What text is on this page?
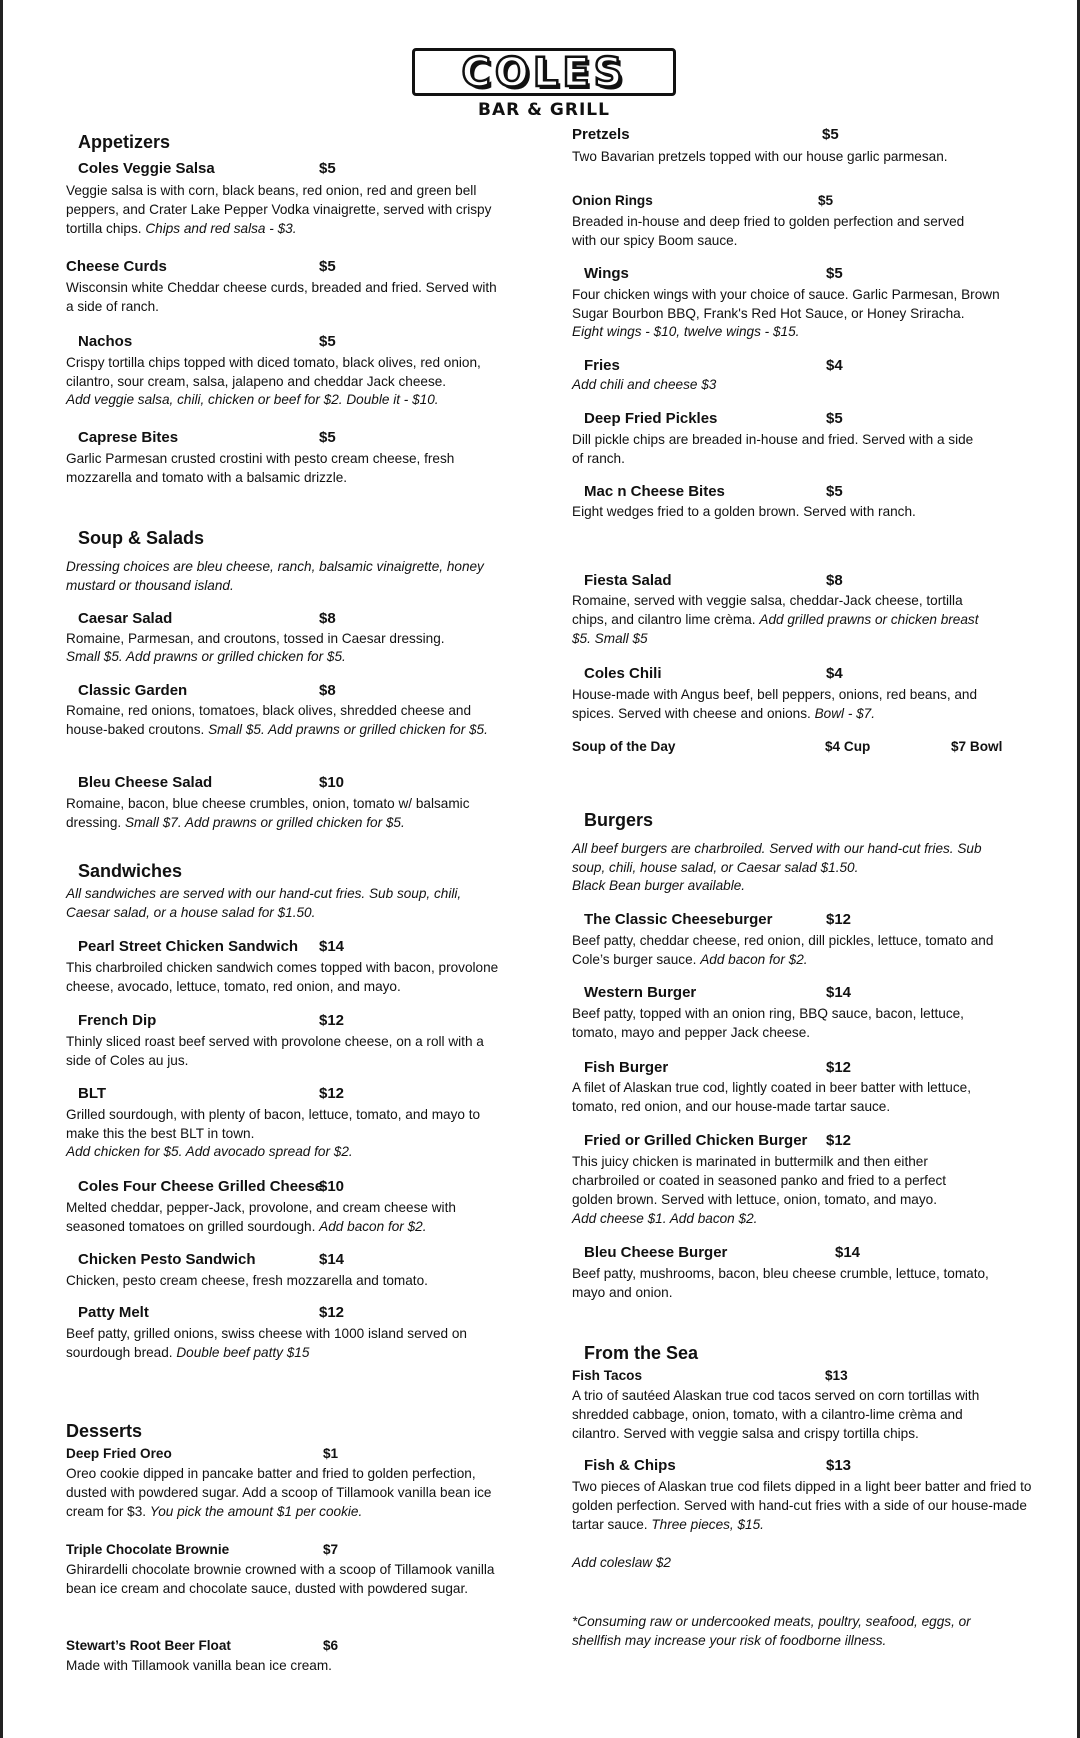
COLES
BAR & GRILL
Appetizers
Coles Veggie Salsa	$5
Veggie salsa is with corn, black beans, red onion, red and green bell peppers, and Crater Lake Pepper Vodka vinaigrette, served with crispy tortilla chips. Chips and red salsa - $3.
Cheese Curds	$5
Wisconsin white Cheddar cheese curds, breaded and fried. Served with a side of ranch.
Nachos	$5
Crispy tortilla chips topped with diced tomato, black olives, red onion, cilantro, sour cream, salsa, jalapeno and cheddar Jack cheese.
Add veggie salsa, chili, chicken or beef for $2. Double it - $10.
Caprese Bites	$5
Garlic Parmesan crusted crostini with pesto cream cheese, fresh mozzarella and tomato with a balsamic drizzle.
Soup & Salads
Dressing choices are bleu cheese, ranch, balsamic vinaigrette, honey mustard or thousand island.
Caesar Salad	$8
Romaine, Parmesan, and croutons, tossed in Caesar dressing.
Small $5. Add prawns or grilled chicken for $5.
Classic Garden	$8
Romaine, red onions, tomatoes, black olives, shredded cheese and house-baked croutons. Small $5. Add prawns or grilled chicken for $5.
Bleu Cheese Salad	$10
Romaine, bacon, blue cheese crumbles, onion, tomato w/ balsamic dressing. Small $7. Add prawns or grilled chicken for $5.
Sandwiches
All sandwiches are served with our hand-cut fries. Sub soup, chili, Caesar salad, or a house salad for $1.50.
Pearl Street Chicken Sandwich $14
This charbroiled chicken sandwich comes topped with bacon, provolone cheese, avocado, lettuce, tomato, red onion, and mayo.
French Dip	$12
Thinly sliced roast beef served with provolone cheese, on a roll with a side of Coles au jus.
BLT	$12
Grilled sourdough, with plenty of bacon, lettuce, tomato, and mayo to make this the best BLT in town.
Add chicken for $5. Add avocado spread for $2.
Coles Four Cheese Grilled Cheese
$10
Melted cheddar, pepper-Jack, provolone, and cream cheese with seasoned tomatoes on grilled sourdough. Add bacon for $2.
Chicken Pesto Sandwich	$14
Chicken, pesto cream cheese, fresh mozzarella and tomato.
Patty Melt	$12
Beef patty, grilled onions, swiss cheese with 1000 island served on sourdough bread. Double beef patty $15
Desserts
Deep Fried Oreo	$1
Oreo cookie dipped in pancake batter and fried to golden perfection, dusted with powdered sugar. Add a scoop of Tillamook vanilla bean ice cream for $3. You pick the amount $1 per cookie.
Triple Chocolate Brownie	$7
Ghirardelli chocolate brownie crowned with a scoop of Tillamook vanilla bean ice cream and chocolate sauce, dusted with powdered sugar.
Stewart’s Root Beer Float	$6
Made with Tillamook vanilla bean ice cream.
Pretzels	$5
Two Bavarian pretzels topped with our house garlic parmesan.
Onion Rings	$5
Breaded in-house and deep fried to golden perfection and served with our spicy Boom sauce.
Wings	$5
Four chicken wings with your choice of sauce. Garlic Parmesan, Brown Sugar Bourbon BBQ, Frank's Red Hot Sauce, or Honey Sriracha.
Eight wings - $10, twelve wings - $15.
Fries	$4
Add chili and cheese $3
Deep Fried Pickles	$5
Dill pickle chips are breaded in-house and fried. Served with a side of ranch.
Mac n Cheese Bites	$5
Eight wedges fried to a golden brown. Served with ranch.
Fiesta Salad	$8
Romaine, served with veggie salsa, cheddar-Jack cheese, tortilla chips, and cilantro lime crèma. Add grilled prawns or chicken breast $5. Small $5
Coles Chili	$4
House-made with Angus beef, bell peppers, onions, red beans, and spices. Served with cheese and onions. Bowl - $7.
Soup of the Day	$4 Cup	$7 Bowl
Burgers
All beef burgers are charbroiled. Served with our hand-cut fries. Sub soup, chili, house salad, or Caesar salad $1.50.
Black Bean burger available.
The Classic Cheeseburger	$12
Beef patty, cheddar cheese, red onion, dill pickles, lettuce, tomato and Cole’s burger sauce. Add bacon for $2.
Western Burger	$14
Beef patty, topped with an onion ring, BBQ sauce, bacon, lettuce, tomato, mayo and pepper Jack cheese.
Fish Burger	$12
A filet of Alaskan true cod, lightly coated in beer batter with lettuce, tomato, red onion, and our house-made tartar sauce.
Fried or Grilled Chicken Burger $12
This juicy chicken is marinated in buttermilk and then either charbroiled or coated in seasoned panko and fried to a perfect golden brown. Served with lettuce, onion, tomato, and mayo.
Add cheese $1. Add bacon $2.
Bleu Cheese Burger	$14
Beef patty, mushrooms, bacon, bleu cheese crumble, lettuce, tomato, mayo and onion.
From the Sea
Fish Tacos	$13
A trio of sautéed Alaskan true cod tacos served on corn tortillas with shredded cabbage, onion, tomato, with a cilantro-lime crèma and cilantro. Served with veggie salsa and crispy tortilla chips.
Fish & Chips	$13
Two pieces of Alaskan true cod filets dipped in a light beer batter and fried to golden perfection. Served with hand-cut fries with a side of our house-made tartar sauce. Three pieces, $15.
Add coleslaw $2
*Consuming raw or undercooked meats, poultry, seafood, eggs, or shellfish may increase your risk of foodborne illness.
